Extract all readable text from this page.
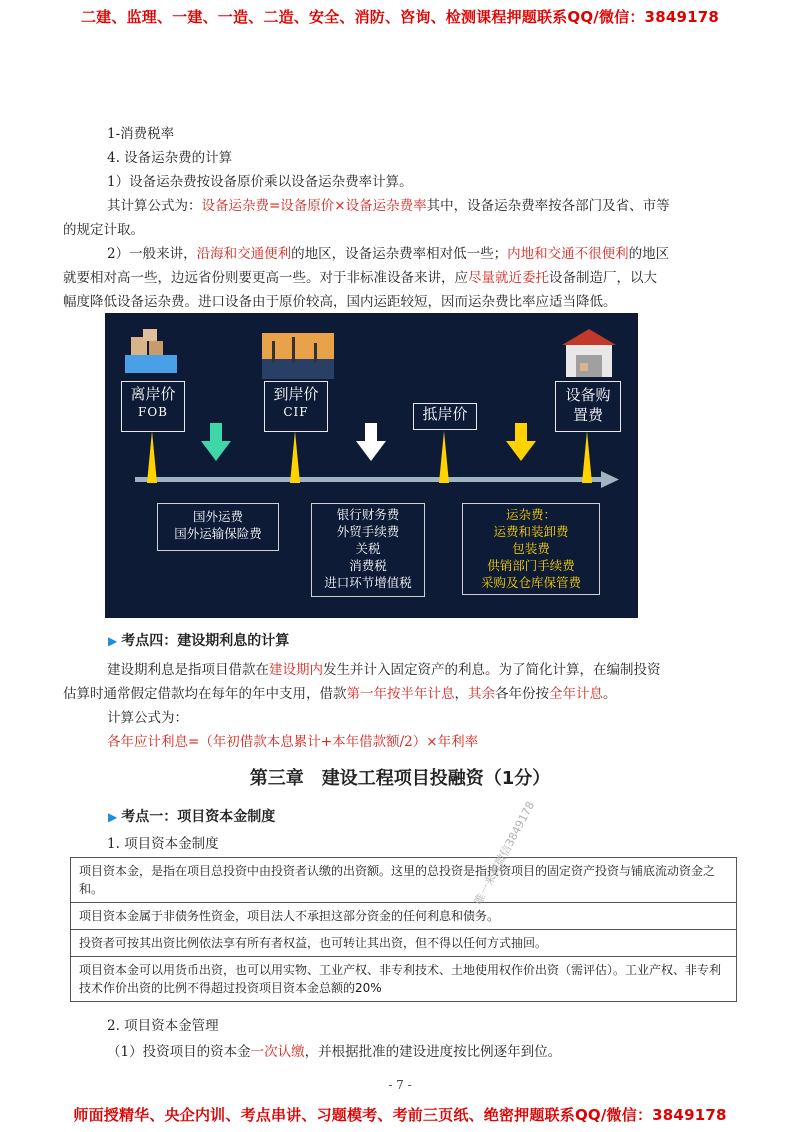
二建、监理、一建、一造、二造、安全、消防、咨询、检测课程押题联系QQ/微信：3849178
1-消费税率
4. 设备运杂费的计算
1）设备运杂费按设备原价乘以设备运杂费率计算。
其计算公式为：设备运杂费=设备原价×设备运杂费率其中，设备运杂费率按各部门及省、市等
的规定计取。
2）一般来讲，沿海和交通便利的地区，设备运杂费率相对低一些；内地和交通不很便利的地区
就要相对高一些，边远省份则要更高一些。对于非标准设备来讲，应尽量就近委托设备制造厂，以大
幅度降低设备运杂费。进口设备由于原价较高，国内运距较短，因而运杂费比率应适当降低。
离岸价
FOB
到岸价
CIF	抵岸价
设备购
置费
国外运费
国外运输保险费
银行财务费
外贸手续费
关税
消费税
进口环节增值税
运杂费：
运费和装卸费
包装费
供销部门手续费
采购及仓库保管费
▶ 考点四：建设期利息的计算
建设期利息是指项目借款在建设期内发生并计入固定资产的利息。为了简化计算，在编制投资
估算时通常假定借款均在每年的年中支用，借款第一年按半年计息，其余各年份按全年计息。
计算公式为：
各年应计利息=（年初借款本息累计+本年借款额/2）×年利率
第三章　建设工程项目投融资（1分）
▶ 考点一：项目资本金制度
1. 项目资本金制度
项目资本金，是指在项目总投资中由投资者认缴的出资额。这里的总投资是指投资项目的固定资产投资与铺底流动资金之和。
项目资本金属于非债务性资金，项目法人不承担这部分资金的任何利息和债务。
投资者可按其出资比例依法享有所有者权益，也可转让其出资，但不得以任何方式抽回。
项目资本金可以用货币出资，也可以用实物、工业产权、非专利技术、土地使用权作价出资（需评估）。工业产权、非专利技术作价出资的比例不得超过投资项目资本金总额的20%
2. 项目资本金管理
（1）投资项目的资本金一次认缴，并根据批准的建设进度按比例逐年到位。
唯一来源微信3849178
- 7 -
师面授精华、央企内训、考点串讲、习题模考、考前三页纸、绝密押题联系QQ/微信：3849178
